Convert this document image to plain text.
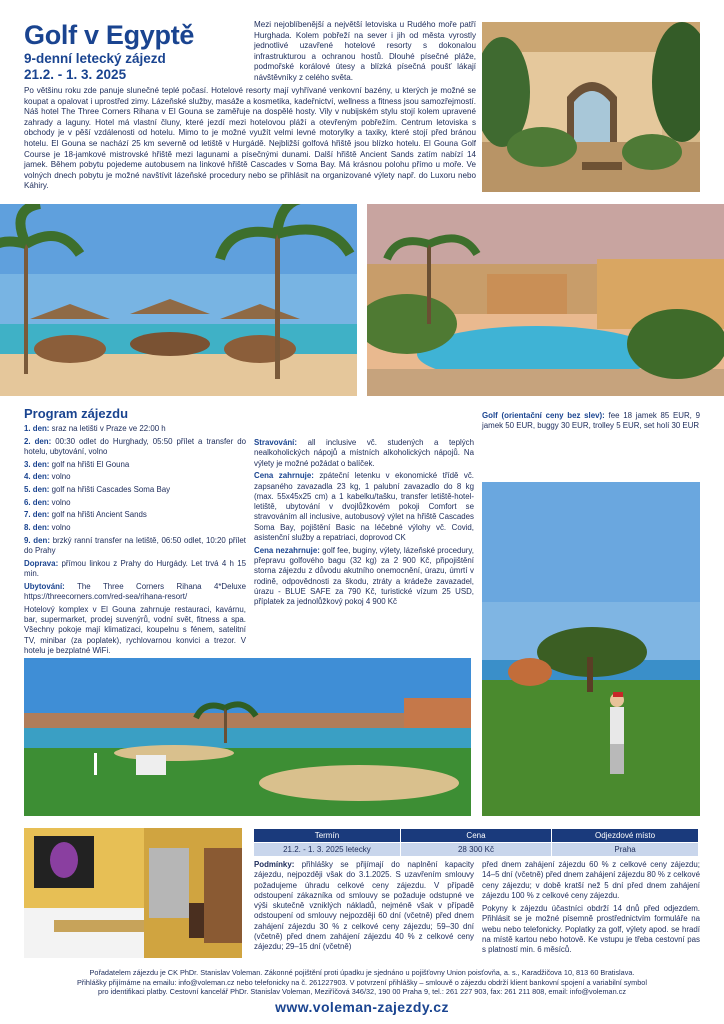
Golf v Egyptě
9-denní letecký zájezd
21.2. - 1. 3. 2025
Mezi nejoblíbenější a největší letoviska u Rudého moře patří Hurghada. Kolem pobřeží na sever i jih od města vyrostly jednotlivé uzavřené hotelové resorty s dokonalou infrastrukturou a ochranou hostů. Dlouhé písečné pláže, podmořské korálové útesy a blízká písečná poušť lákají návštěvníky z celého světa.
Po většinu roku zde panuje slunečné teplé počasí. Hotelové resorty mají vyhřívané venkovní bazény, u kterých je možné se koupat a opalovat i uprostřed zimy. Lázeňské služby, masáže a kosmetika, kadeřnictví, wellness a fitness jsou samozřejmostí. Náš hotel The Three Corners Rihana v El Gouna se zaměřuje na dospělé hosty. Vily v nubijském stylu stojí kolem upravené zahrady a laguny. Hotel má vlastní čluny, které jezdí mezi hotelovou pláží a otevřeným pobřežím. Centrum letoviska s obchody je v pěší vzdálenosti od hotelu. Mimo to je možné využít velmi levné motorylky a taxiky, které stojí před bránou hotelu. El Gouna se nachází 25 km severně od letiště v Hurgádě. Nejbližší golfová hřiště jsou blízko hotelu. El Gouna Golf Course je 18-jamkové mistrovské hřiště mezi lagunami a písečnými dunami. Další hřiště Ancient Sands zatím nabízí 14 jamek. Během pobytu pojedeme autobusem na linkové hřiště Cascades v Soma Bay. Má krásnou polohu přímo u moře. Ve volných dnech pobytu je možné navštívit lázeňské procedury nebo se přihlásit na organizované výlety např. do Luxoru nebo Káhiry.
Program zájezdu

1. den: sraz na letišti v Praze ve 22:00 h

2. den: 00:30 odlet do Hurghady, 05:50 přílet a transfer do hotelu, ubytování, volno

3. den: golf na hřišti El Gouna

4. den: volno

5. den: golf na hřišti Cascades Soma Bay

6. den: volno

7. den: golf na hřišti Ancient Sands

8. den: volno

9. den: brzký ranní transfer na letiště, 06:50 odlet, 10:20 přílet do Prahy

Doprava: přímou linkou z Prahy do Hurgády. Let trvá 4 h 15 min.

Ubytování: The Three Corners Rihana 4*Deluxe https://threecorners.com/red-sea/rihana-resort/

Hotelový komplex v El Gouna zahrnuje restauraci, kavárnu, bar, supermarket, prodej suvenýrů, vodní svět, fitness a spa. Všechny pokoje mají klimatizaci, koupelnu s fénem, satelitní TV, minibar (za poplatek), rychlovarnou konvici a trezor. V hotelu je bezplatné WiFi.

Stravování: all inclusive vč. studených a teplých nealkoholických nápojů a místních alkoholických nápojů. Na výlety je možné požádat o balíček.

Cena zahrnuje: zpáteční letenku v ekonomické třídě vč. zapsaného zavazadla 23 kg, 1 palubní zavazadlo do 8 kg (max. 55x45x25 cm) a 1 kabelku/tašku, transfer letiště-hotel-letiště, ubytování v dvojlůžkovém pokoji Comfort se stravováním all inclusive, autobusový výlet na hřiště Cascades Soma Bay, pojištění Basic na léčebné výlohy vč. Covid, asistenční služby a repatriaci, doprovod CK

Cena nezahrnuje: golf fee, buginy, výlety, lázeňské procedury, přepravu golfového bagu (32 kg) za 2 900 Kč, připojištění storna zájezdu z důvodu akutního onemocnění, úrazu, úmrtí v rodině, odpovědnosti za škodu, ztráty a krádeže zavazadel, úrazu - BLUE SAFE za 790 Kč, turistické vízum 25 USD, příplatek za jednolůžkový pokoj 4 900 Kč

Golf (orientační ceny bez slev): fee 18 jamek 85 EUR, 9 jamek 50 EUR, buggy 30 EUR, trolley 5 EUR, set holí 30 EUR

Termín	Cena	Odjezdové místo
21.2. - 1. 3. 2025 letecky	28 300 Kč	Praha

Podmínky: přihlášky se přijímají do naplnění kapacity zájezdu, nejpozději však do 3.1.2025. S uzavřením smlouvy požadujeme úhradu celkové ceny zájezdu. V případě odstoupení zákazníka od smlouvy se požaduje odstupné ve výši skutečně vzniklých nákladů, nejméně však v případě odstoupení od smlouvy nejpozději 60 dní (včetně) před dnem zahájení zájezdu 30 % z celkové ceny zájezdu; 59–30 dní (včetně) před dnem zahájení zájezdu 40 % z celkové ceny zájezdu; 29–15 dní (včetně)

před dnem zahájení zájezdu 60 % z celkové ceny zájezdu; 14–5 dní (včetně) před dnem zahájení zájezdu 80 % z celkové ceny zájezdu; v době kratší než 5 dní před dnem zahájení zájezdu 100 % z celkové ceny zájezdu.

Pokyny k zájezdu účastníci obdrží 14 dnů před odjezdem. Přihlásit se je možné písemně prostřednictvím formuláře na webu nebo telefonicky. Poplatky za golf, výlety apod. se hradí na místě kartou nebo hotově. Ke vstupu je třeba cestovní pas s platností min. 6 měsíců.

Pořadatelem zájezdu je CK PhDr. Stanislav Voleman. Zákonné pojištění proti úpadku je sjednáno u pojišťovny Union poisťovňa, a. s., Karadžičova 10, 813 60 Bratislava.
Přihlášky přijímáme na emailu: info@voleman.cz nebo telefonicky na č. 261227903. V potvrzení přihlášky – smlouvě o zájezdu obdrží klient bankovní spojení a variabilní symbol
pro identifikaci platby. Cestovní kancelář PhDr. Stanislav Voleman, Meziříčová 346/32, 190 00 Praha 9, tel.: 261 227 903, fax: 261 211 808, email: info@voleman.cz
www.voleman-zajezdy.cz
